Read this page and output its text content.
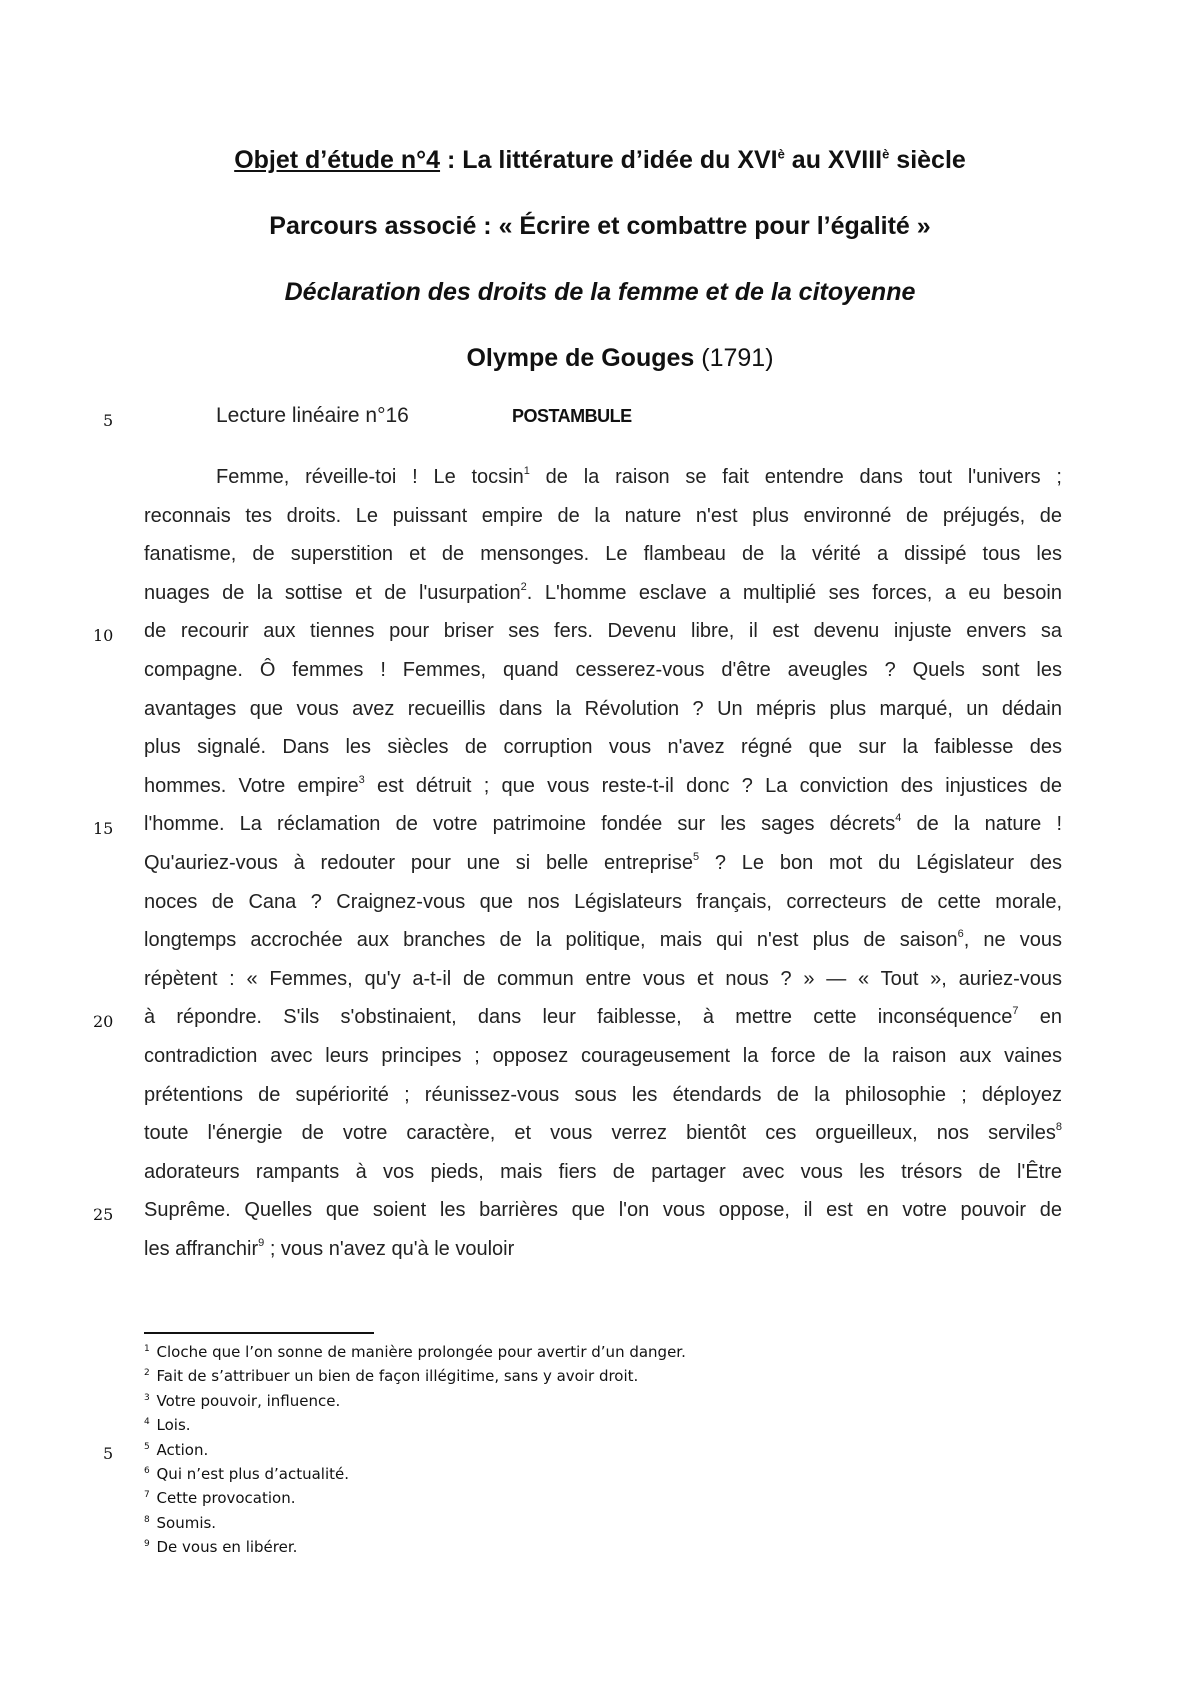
Objet d’étude n°4 : La littérature d’idée du $XVI^è$ au $XVIII^è$ siècle
Parcours associé : « Écrire et combattre pour l’égalité »
Déclaration des droits de la femme et de la citoyenne
Olympe de Gouges (1791)
5
10
15
20
25
5
Lecture linéaire n°16	POSTAMBULE
Femme, réveille-toi ! Le tocsin$^1$ de la raison se fait entendre dans tout l'univers ;
reconnais tes droits. Le puissant empire de la nature n'est plus environné de préjugés, de
fanatisme, de superstition et de mensonges. Le flambeau de la vérité a dissipé tous les
nuages de la sottise et de l'usurpation$^2$. L'homme esclave a multiplié ses forces, a eu besoin
de recourir aux tiennes pour briser ses fers. Devenu libre, il est devenu injuste envers sa
compagne. Ô femmes ! Femmes, quand cesserez-vous d'être aveugles ? Quels sont les
avantages que vous avez recueillis dans la Révolution ? Un mépris plus marqué, un dédain
plus signalé. Dans les siècles de corruption vous n'avez régné que sur la faiblesse des
hommes. Votre empire$^3$ est détruit ; que vous reste-t-il donc ? La conviction des injustices de
l'homme. La réclamation de votre patrimoine fondée sur les sages décrets$^4$ de la nature !
Qu'auriez-vous à redouter pour une si belle entreprise$^5$ ? Le bon mot du Législateur des
noces de Cana ? Craignez-vous que nos Législateurs français, correcteurs de cette morale,
longtemps accrochée aux branches de la politique, mais qui n'est plus de saison$^6$, ne vous
répètent : « Femmes, qu'y a-t-il de commun entre vous et nous ? » — « Tout », auriez-vous
à répondre. S'ils s'obstinaient, dans leur faiblesse, à mettre cette inconséquence$^7$ en
contradiction avec leurs principes ; opposez courageusement la force de la raison aux vaines
prétentions de supériorité ; réunissez-vous sous les étendards de la philosophie ; déployez
toute l'énergie de votre caractère, et vous verrez bientôt ces orgueilleux, nos serviles$^8$
adorateurs rampants à vos pieds, mais fiers de partager avec vous les trésors de l'Être
Suprême. Quelles que soient les barrières que l'on vous oppose, il est en votre pouvoir de
les affranchir$^9$ ; vous n'avez qu'à le vouloir
$^1$ Cloche que l’on sonne de manière prolongée pour avertir d’un danger.
$^2$ Fait de s’attribuer un bien de façon illégitime, sans y avoir droit.
$^3$ Votre pouvoir, influence.
$^4$ Lois.
$^5$ Action.
$^6$ Qui n’est plus d’actualité.
$^7$ Cette provocation.
$^8$ Soumis.
$^9$ De vous en libérer.
